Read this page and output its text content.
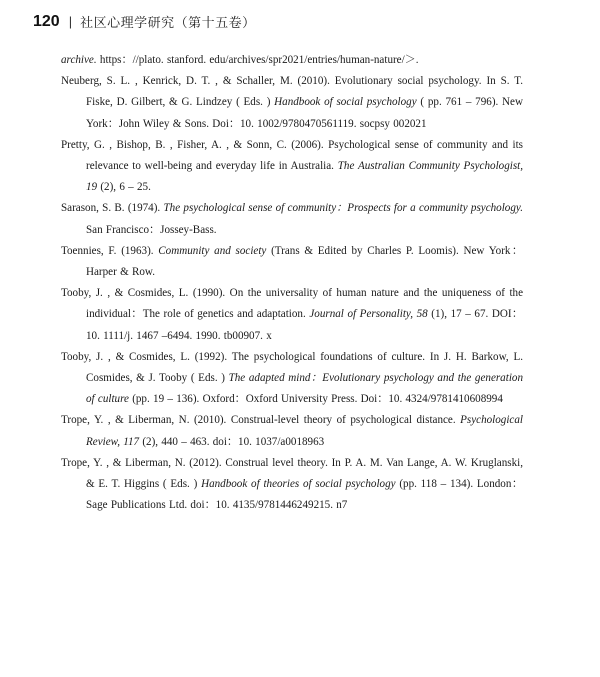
120 | 社区心理学研究（第十五卷）

archive. https：//plato. stanford. edu/archives/spr2021/entries/human-nature/＞.

Neuberg, S. L. , Kenrick, D. T. , & Schaller, M. (2010). Evolutionary social psychology. In S. T. Fiske, D. Gilbert, & G. Lindzey ( Eds. ) Handbook of social psychology ( pp. 761 – 796). New York：John Wiley & Sons. Doi：10. 1002/9780470561119. socpsy 002021

Pretty, G. , Bishop, B. , Fisher, A. , & Sonn, C. (2006). Psychological sense of community and its relevance to well-being and everyday life in Australia. The Australian Community Psychologist, 19 (2), 6 – 25.

Sarason, S. B. (1974). The psychological sense of community：Prospects for a community psychology. San Francisco：Jossey-Bass.

Toennies, F. (1963). Community and society (Trans & Edited by Charles P. Loomis). New York：Harper & Row.

Tooby, J. , & Cosmides, L. (1990). On the universality of human nature and the uniqueness of the individual：The role of genetics and adaptation. Journal of Personality, 58 (1), 17 – 67. DOI：10. 1111/j. 1467 –6494. 1990. tb00907. x

Tooby, J. , & Cosmides, L. (1992). The psychological foundations of culture. In J. H. Barkow, L. Cosmides, & J. Tooby ( Eds. ) The adapted mind：Evolutionary psychology and the generation of culture (pp. 19 – 136). Oxford：Oxford University Press. Doi：10. 4324/9781410608994

Trope, Y. , & Liberman, N. (2010). Construal-level theory of psychological distance. Psychological Review, 117 (2), 440 – 463. doi：10. 1037/a0018963

Trope, Y. , & Liberman, N. (2012). Construal level theory. In P. A. M. Van Lange, A. W. Kruglanski, & E. T. Higgins ( Eds. ) Handbook of theories of social psychology (pp. 118 – 134). London：Sage Publications Ltd. doi：10. 4135/9781446249215. n7
